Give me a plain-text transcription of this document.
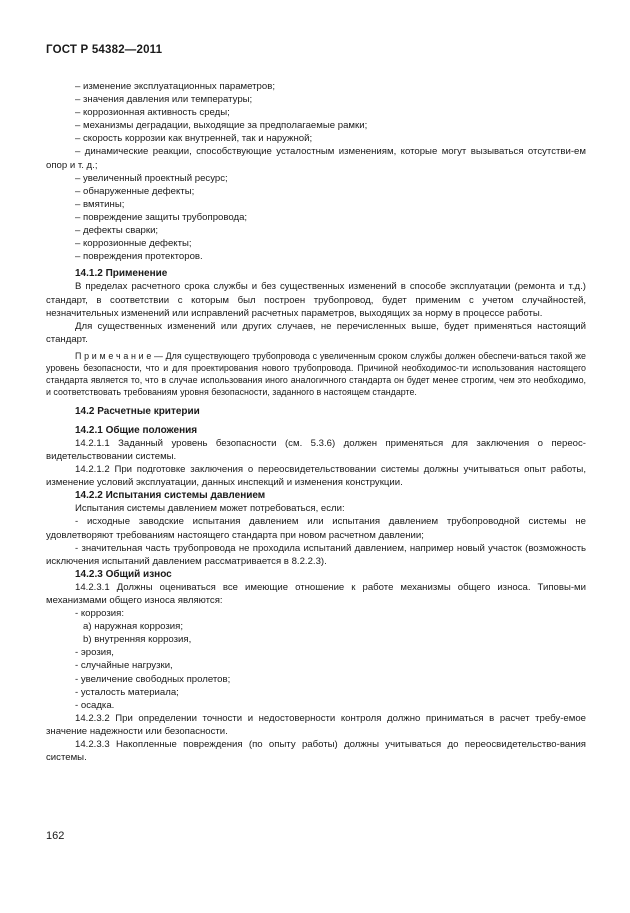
ГОСТ Р 54382—2011

– изменение эксплуатационных параметров;

– значения давления или температуры;

– коррозионная активность среды;

– механизмы деградации, выходящие за предполагаемые рамки;

– скорость коррозии как внутренней, так и наружной;

– динамические реакции, способствующие усталостным изменениям, которые могут вызываться отсутстви-ем опор и т. д.;

– увеличенный проектный ресурс;

– обнаруженные дефекты;

– вмятины;

– повреждение защиты трубопровода;

– дефекты сварки;

– коррозионные дефекты;

– повреждения протекторов.

14.1.2 Применение

В пределах расчетного срока службы и без существенных изменений в способе эксплуатации (ремонта и т.д.) стандарт, в соответствии с которым был построен трубопровод, будет применим с учетом случайностей, незначительных изменений или исправлений расчетных параметров, выходящих за норму в процессе работы.

Для существенных изменений или других случаев, не перечисленных выше, будет применяться настоящий стандарт.

П р и м е ч а н и е — Для существующего трубопровода с увеличенным сроком службы должен обеспечи-ваться такой же уровень безопасности, что и для проектирования нового трубопровода. Причиной необходимос-ти использования настоящего стандарта является то, что в случае использования иного аналогичного стандарта он будет менее строгим, чем это необходимо, и соответствовать требованиям уровня безопасности, заданного в настоящем стандарте.

14.2 Расчетные критерии

14.2.1 Общие положения

14.2.1.1 Заданный уровень безопасности (см. 5.3.6) должен применяться для заключения о переос-видетельствовании системы.

14.2.1.2 При подготовке заключения о переосвидетельствовании системы должны учитываться опыт работы, изменение условий эксплуатации, данных инспекций и изменения конструкции.

14.2.2 Испытания системы давлением

Испытания системы давлением может потребоваться, если:

- исходные заводские испытания давлением или испытания давлением трубопроводной системы не удовлетворяют требованиям настоящего стандарта при новом расчетном давлении;

- значительная часть трубопровода не проходила испытаний давлением, например новый участок (возможность исключения испытаний давлением рассматривается в 8.2.2.3).

14.2.3 Общий износ

14.2.3.1 Должны оцениваться все имеющие отношение к работе механизмы общего износа. Типовы-ми механизмами общего износа являются:

- коррозия:

а) наружная коррозия;

b) внутренняя коррозия,

- эрозия,

- случайные нагрузки,

- увеличение свободных пролетов;

- усталость материала;

- осадка.

14.2.3.2 При определении точности и недостоверности контроля должно приниматься в расчет требу-емое значение надежности или безопасности.

14.2.3.3 Накопленные повреждения (по опыту работы) должны учитываться до переосвидетельство-вания системы.

162
